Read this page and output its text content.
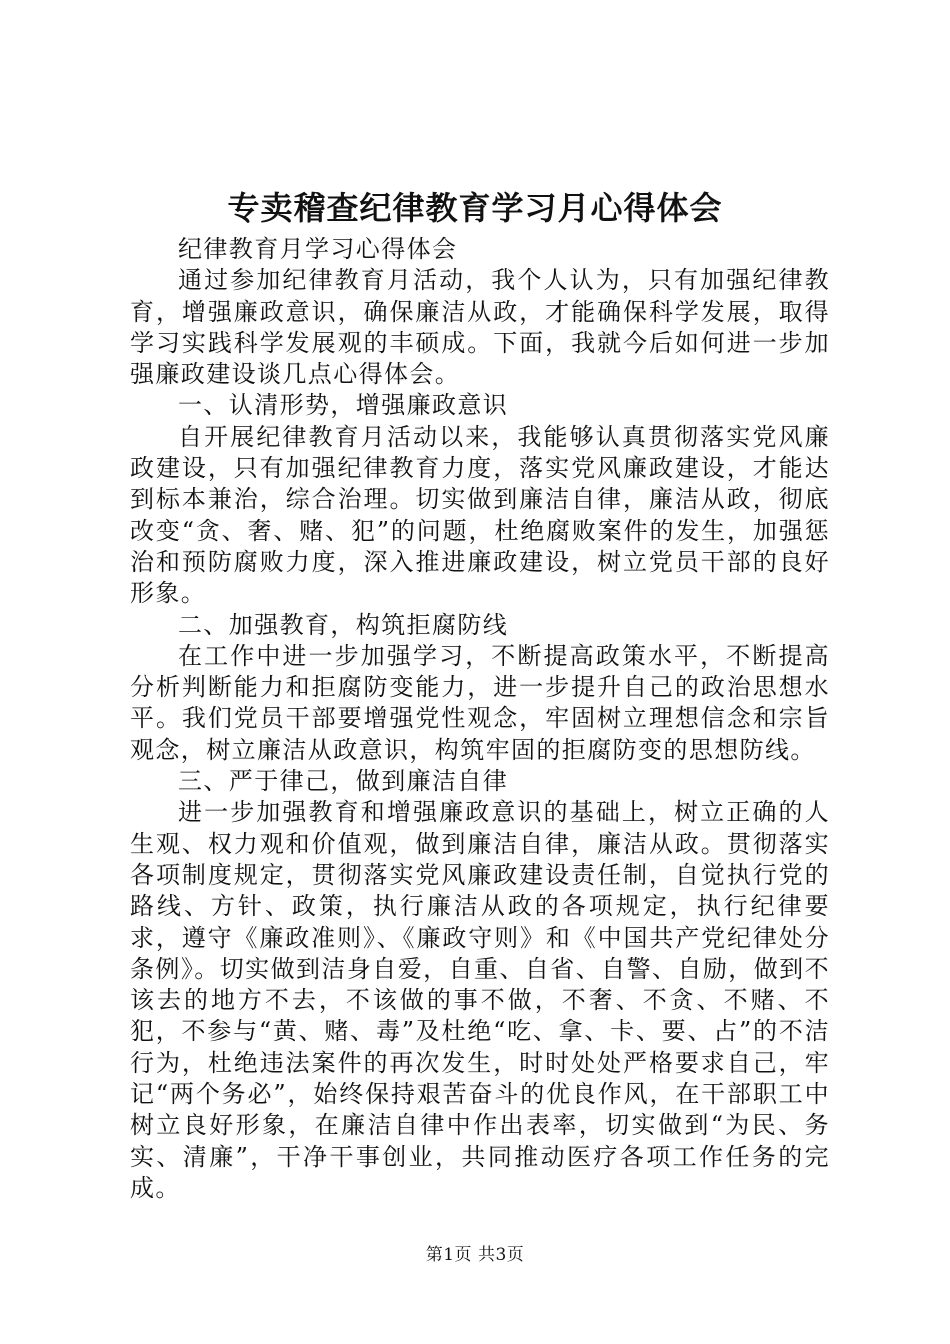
专卖稽查纪律教育学习月心得体会

纪律教育月学习心得体会

通过参加纪律教育月活动，我个人认为，只有加强纪律教育，增强廉政意识，确保廉洁从政，才能确保科学发展，取得学习实践科学发展观的丰硕成。下面，我就今后如何进一步加强廉政建设谈几点心得体会。

一、认清形势，增强廉政意识

自开展纪律教育月活动以来，我能够认真贯彻落实党风廉政建设，只有加强纪律教育力度，落实党风廉政建设，才能达到标本兼治，综合治理。切实做到廉洁自律，廉洁从政，彻底改变“贪、奢、赌、犯”的问题，杜绝腐败案件的发生，加强惩治和预防腐败力度，深入推进廉政建设，树立党员干部的良好形象。

二、加强教育，构筑拒腐防线

在工作中进一步加强学习，不断提高政策水平，不断提高分析判断能力和拒腐防变能力，进一步提升自己的政治思想水平。我们党员干部要增强党性观念，牢固树立理想信念和宗旨观念，树立廉洁从政意识，构筑牢固的拒腐防变的思想防线。

三、严于律己，做到廉洁自律

进一步加强教育和增强廉政意识的基础上，树立正确的人生观、权力观和价值观，做到廉洁自律，廉洁从政。贯彻落实各项制度规定，贯彻落实党风廉政建设责任制，自觉执行党的路线、方针、政策，执行廉洁从政的各项规定，执行纪律要求，遵守《廉政准则》、《廉政守则》和《中国共产党纪律处分条例》。切实做到洁身自爱，自重、自省、自警、自励，做到不该去的地方不去，不该做的事不做，不奢、不贪、不赌、不犯，不参与“黄、赌、毒”及杜绝“吃、拿、卡、要、占”的不洁行为，杜绝违法案件的再次发生，时时处处严格要求自己，牢记“两个务必”，始终保持艰苦奋斗的优良作风，在干部职工中树立良好形象，在廉洁自律中作出表率，切实做到“为民、务实、清廉”，干净干事创业，共同推动医疗各项工作任务的完成。

第1页 共3页
